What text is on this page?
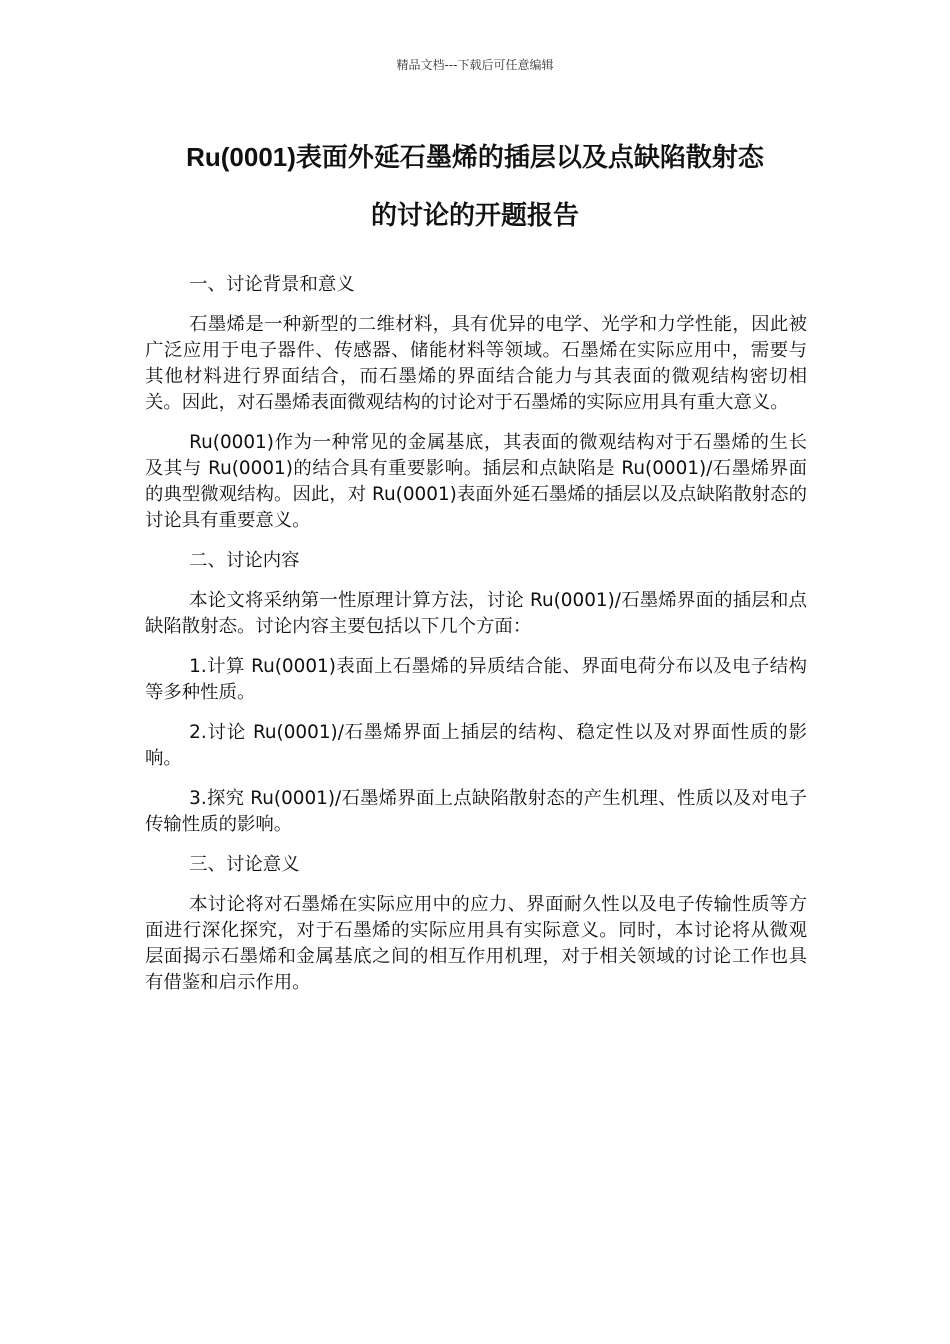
精品文档---下载后可任意编辑
Ru(0001)表面外延石墨烯的插层以及点缺陷散射态
的讨论的开题报告

一、讨论背景和意义

石墨烯是一种新型的二维材料，具有优异的电学、光学和力学性能，因此被广泛应用于电子器件、传感器、储能材料等领域。石墨烯在实际应用中，需要与其他材料进行界面结合，而石墨烯的界面结合能力与其表面的微观结构密切相关。因此，对石墨烯表面微观结构的讨论对于石墨烯的实际应用具有重大意义。

Ru(0001)作为一种常见的金属基底，其表面的微观结构对于石墨烯的生长及其与 Ru(0001)的结合具有重要影响。插层和点缺陷是 Ru(0001)/石墨烯界面的典型微观结构。因此，对 Ru(0001)表面外延石墨烯的插层以及点缺陷散射态的讨论具有重要意义。

二、讨论内容

本论文将采纳第一性原理计算方法，讨论 Ru(0001)/石墨烯界面的插层和点缺陷散射态。讨论内容主要包括以下几个方面：

1.计算 Ru(0001)表面上石墨烯的异质结合能、界面电荷分布以及电子结构等多种性质。

2.讨论 Ru(0001)/石墨烯界面上插层的结构、稳定性以及对界面性质的影响。

3.探究 Ru(0001)/石墨烯界面上点缺陷散射态的产生机理、性质以及对电子传输性质的影响。

三、讨论意义

本讨论将对石墨烯在实际应用中的应力、界面耐久性以及电子传输性质等方面进行深化探究，对于石墨烯的实际应用具有实际意义。同时，本讨论将从微观层面揭示石墨烯和金属基底之间的相互作用机理，对于相关领域的讨论工作也具有借鉴和启示作用。
